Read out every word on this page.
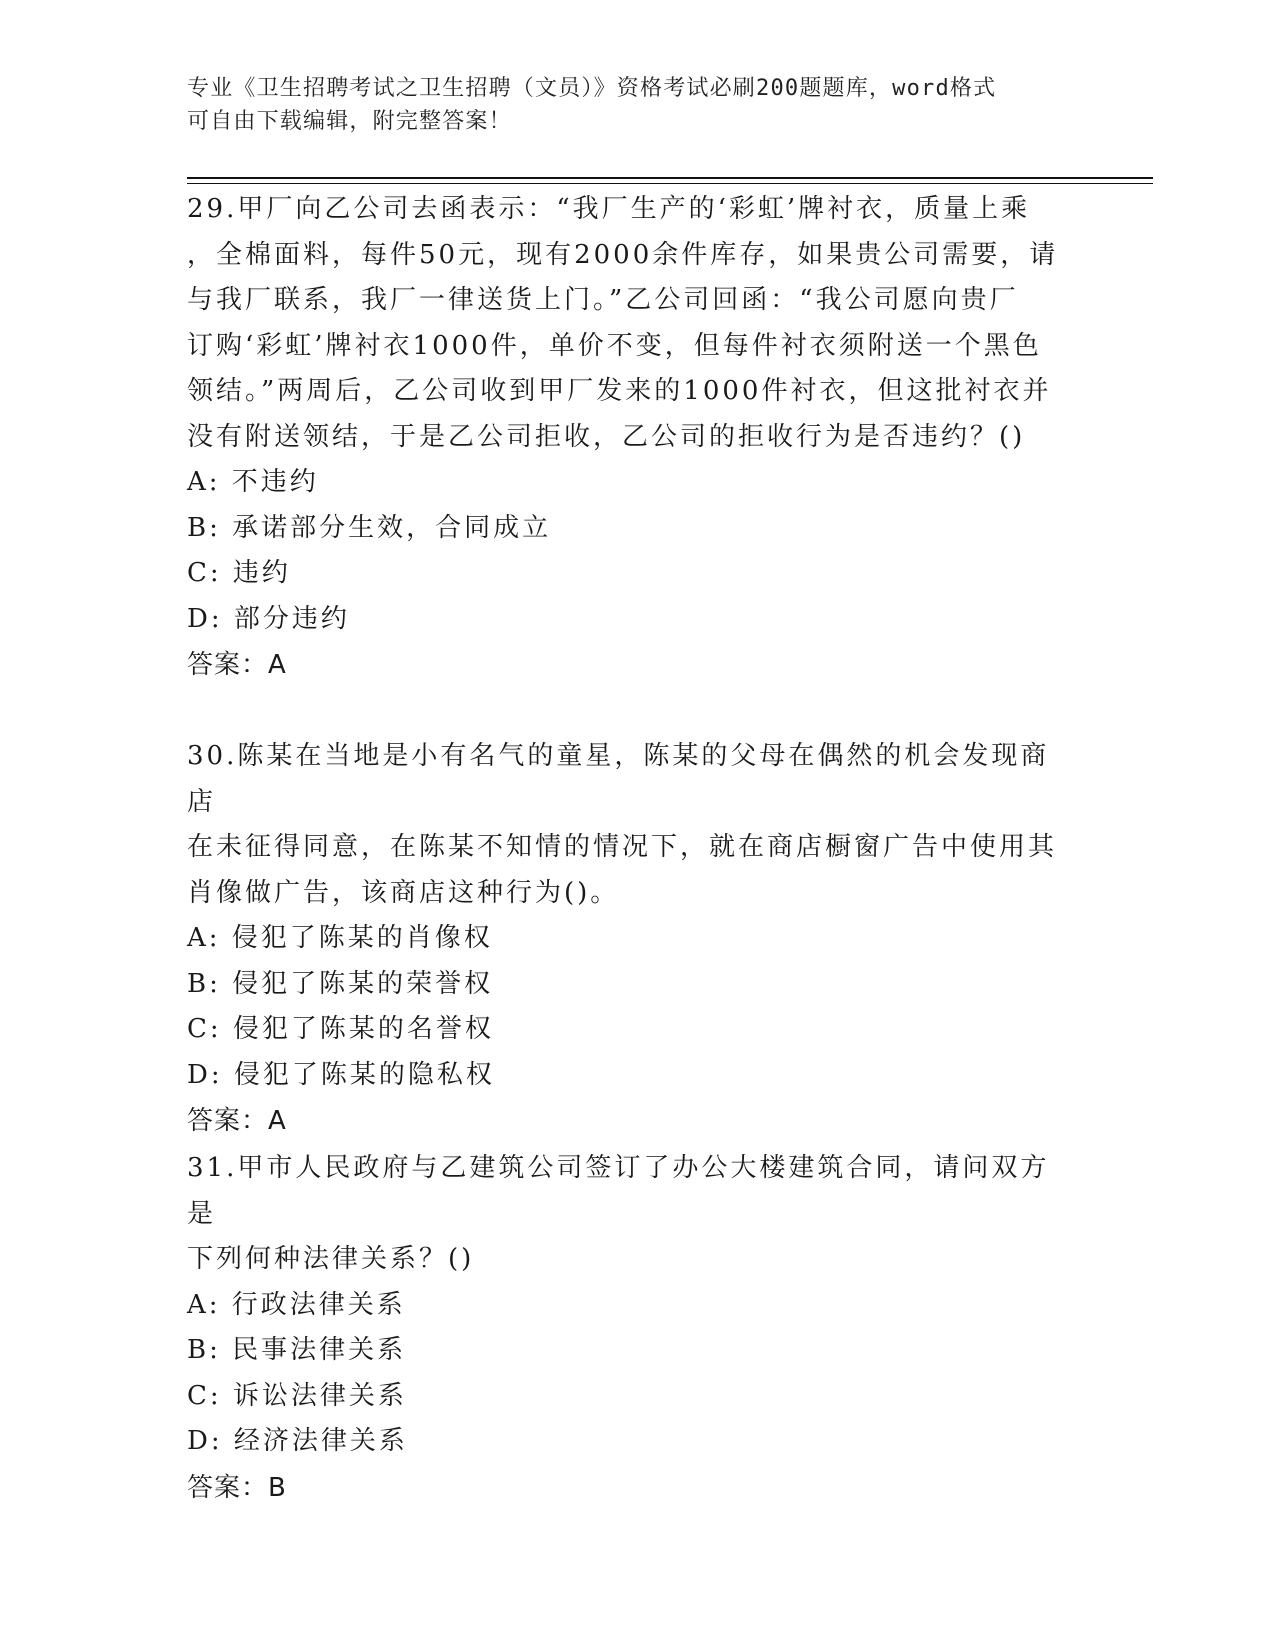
专业《卫生招聘考试之卫生招聘（文员）》资格考试必刷200题题库，word格式
可自由下载编辑，附完整答案！

29.甲厂向乙公司去函表示：“我厂生产的‘彩虹’牌衬衣，质量上乘

，全棉面料，每件50元，现有2000余件库存，如果贵公司需要，请

与我厂联系，我厂一律送货上门。”乙公司回函：“我公司愿向贵厂

订购‘彩虹’牌衬衣1000件，单价不变，但每件衬衣须附送一个黑色

领结。”两周后，乙公司收到甲厂发来的1000件衬衣，但这批衬衣并

没有附送领结，于是乙公司拒收，乙公司的拒收行为是否违约？()

A: 不违约

B: 承诺部分生效，合同成立

C: 违约

D: 部分违约

答案：A

30.陈某在当地是小有名气的童星，陈某的父母在偶然的机会发现商店

在未征得同意，在陈某不知情的情况下，就在商店橱窗广告中使用其

肖像做广告，该商店这种行为()。

A: 侵犯了陈某的肖像权

B: 侵犯了陈某的荣誉权

C: 侵犯了陈某的名誉权

D: 侵犯了陈某的隐私权

答案：A

31.甲市人民政府与乙建筑公司签订了办公大楼建筑合同，请问双方是

下列何种法律关系？()

A: 行政法律关系

B: 民事法律关系

C: 诉讼法律关系

D: 经济法律关系

答案：B
